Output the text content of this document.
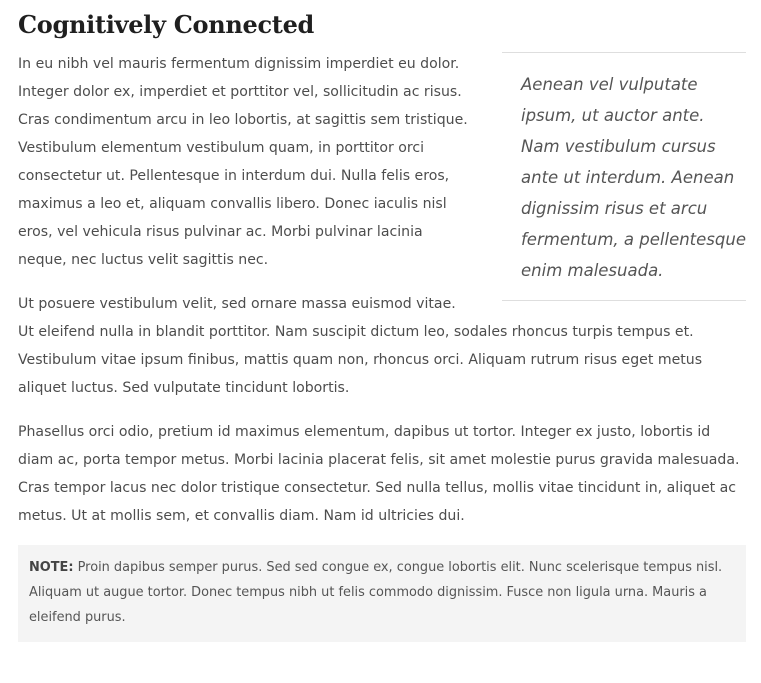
Cognitively Connected
Aenean vel vulputate ipsum, ut auctor ante. Nam vestibulum cursus ante ut interdum. Aenean dignissim risus et arcu fermentum, a pellentesque enim malesuada.

In eu nibh vel mauris fermentum dignissim imperdiet eu dolor. Integer dolor ex, imperdiet et porttitor vel, sollicitudin ac risus. Cras condimentum arcu in leo lobortis, at sagittis sem tristique. Vestibulum elementum vestibulum quam, in porttitor orci consectetur ut. Pellentesque in interdum dui. Nulla felis eros, maximus a leo et, aliquam convallis libero. Donec iaculis nisl eros, vel vehicula risus pulvinar ac. Morbi pulvinar lacinia neque, nec luctus velit sagittis nec.

Ut posuere vestibulum velit, sed ornare massa euismod vitae. Ut eleifend nulla in blandit porttitor. Nam suscipit dictum leo, sodales rhoncus turpis tempus et. Vestibulum vitae ipsum finibus, mattis quam non, rhoncus orci. Aliquam rutrum risus eget metus aliquet luctus. Sed vulputate tincidunt lobortis.

Phasellus orci odio, pretium id maximus elementum, dapibus ut tortor. Integer ex justo, lobortis id diam ac, porta tempor metus. Morbi lacinia placerat felis, sit amet molestie purus gravida malesuada. Cras tempor lacus nec dolor tristique consectetur. Sed nulla tellus, mollis vitae tincidunt in, aliquet ac metus. Ut at mollis sem, et convallis diam. Nam id ultricies dui.

NOTE: Proin dapibus semper purus. Sed sed congue ex, congue lobortis elit. Nunc scelerisque tempus nisl. Aliquam ut augue tortor. Donec tempus nibh ut felis commodo dignissim. Fusce non ligula urna. Mauris a eleifend purus.
